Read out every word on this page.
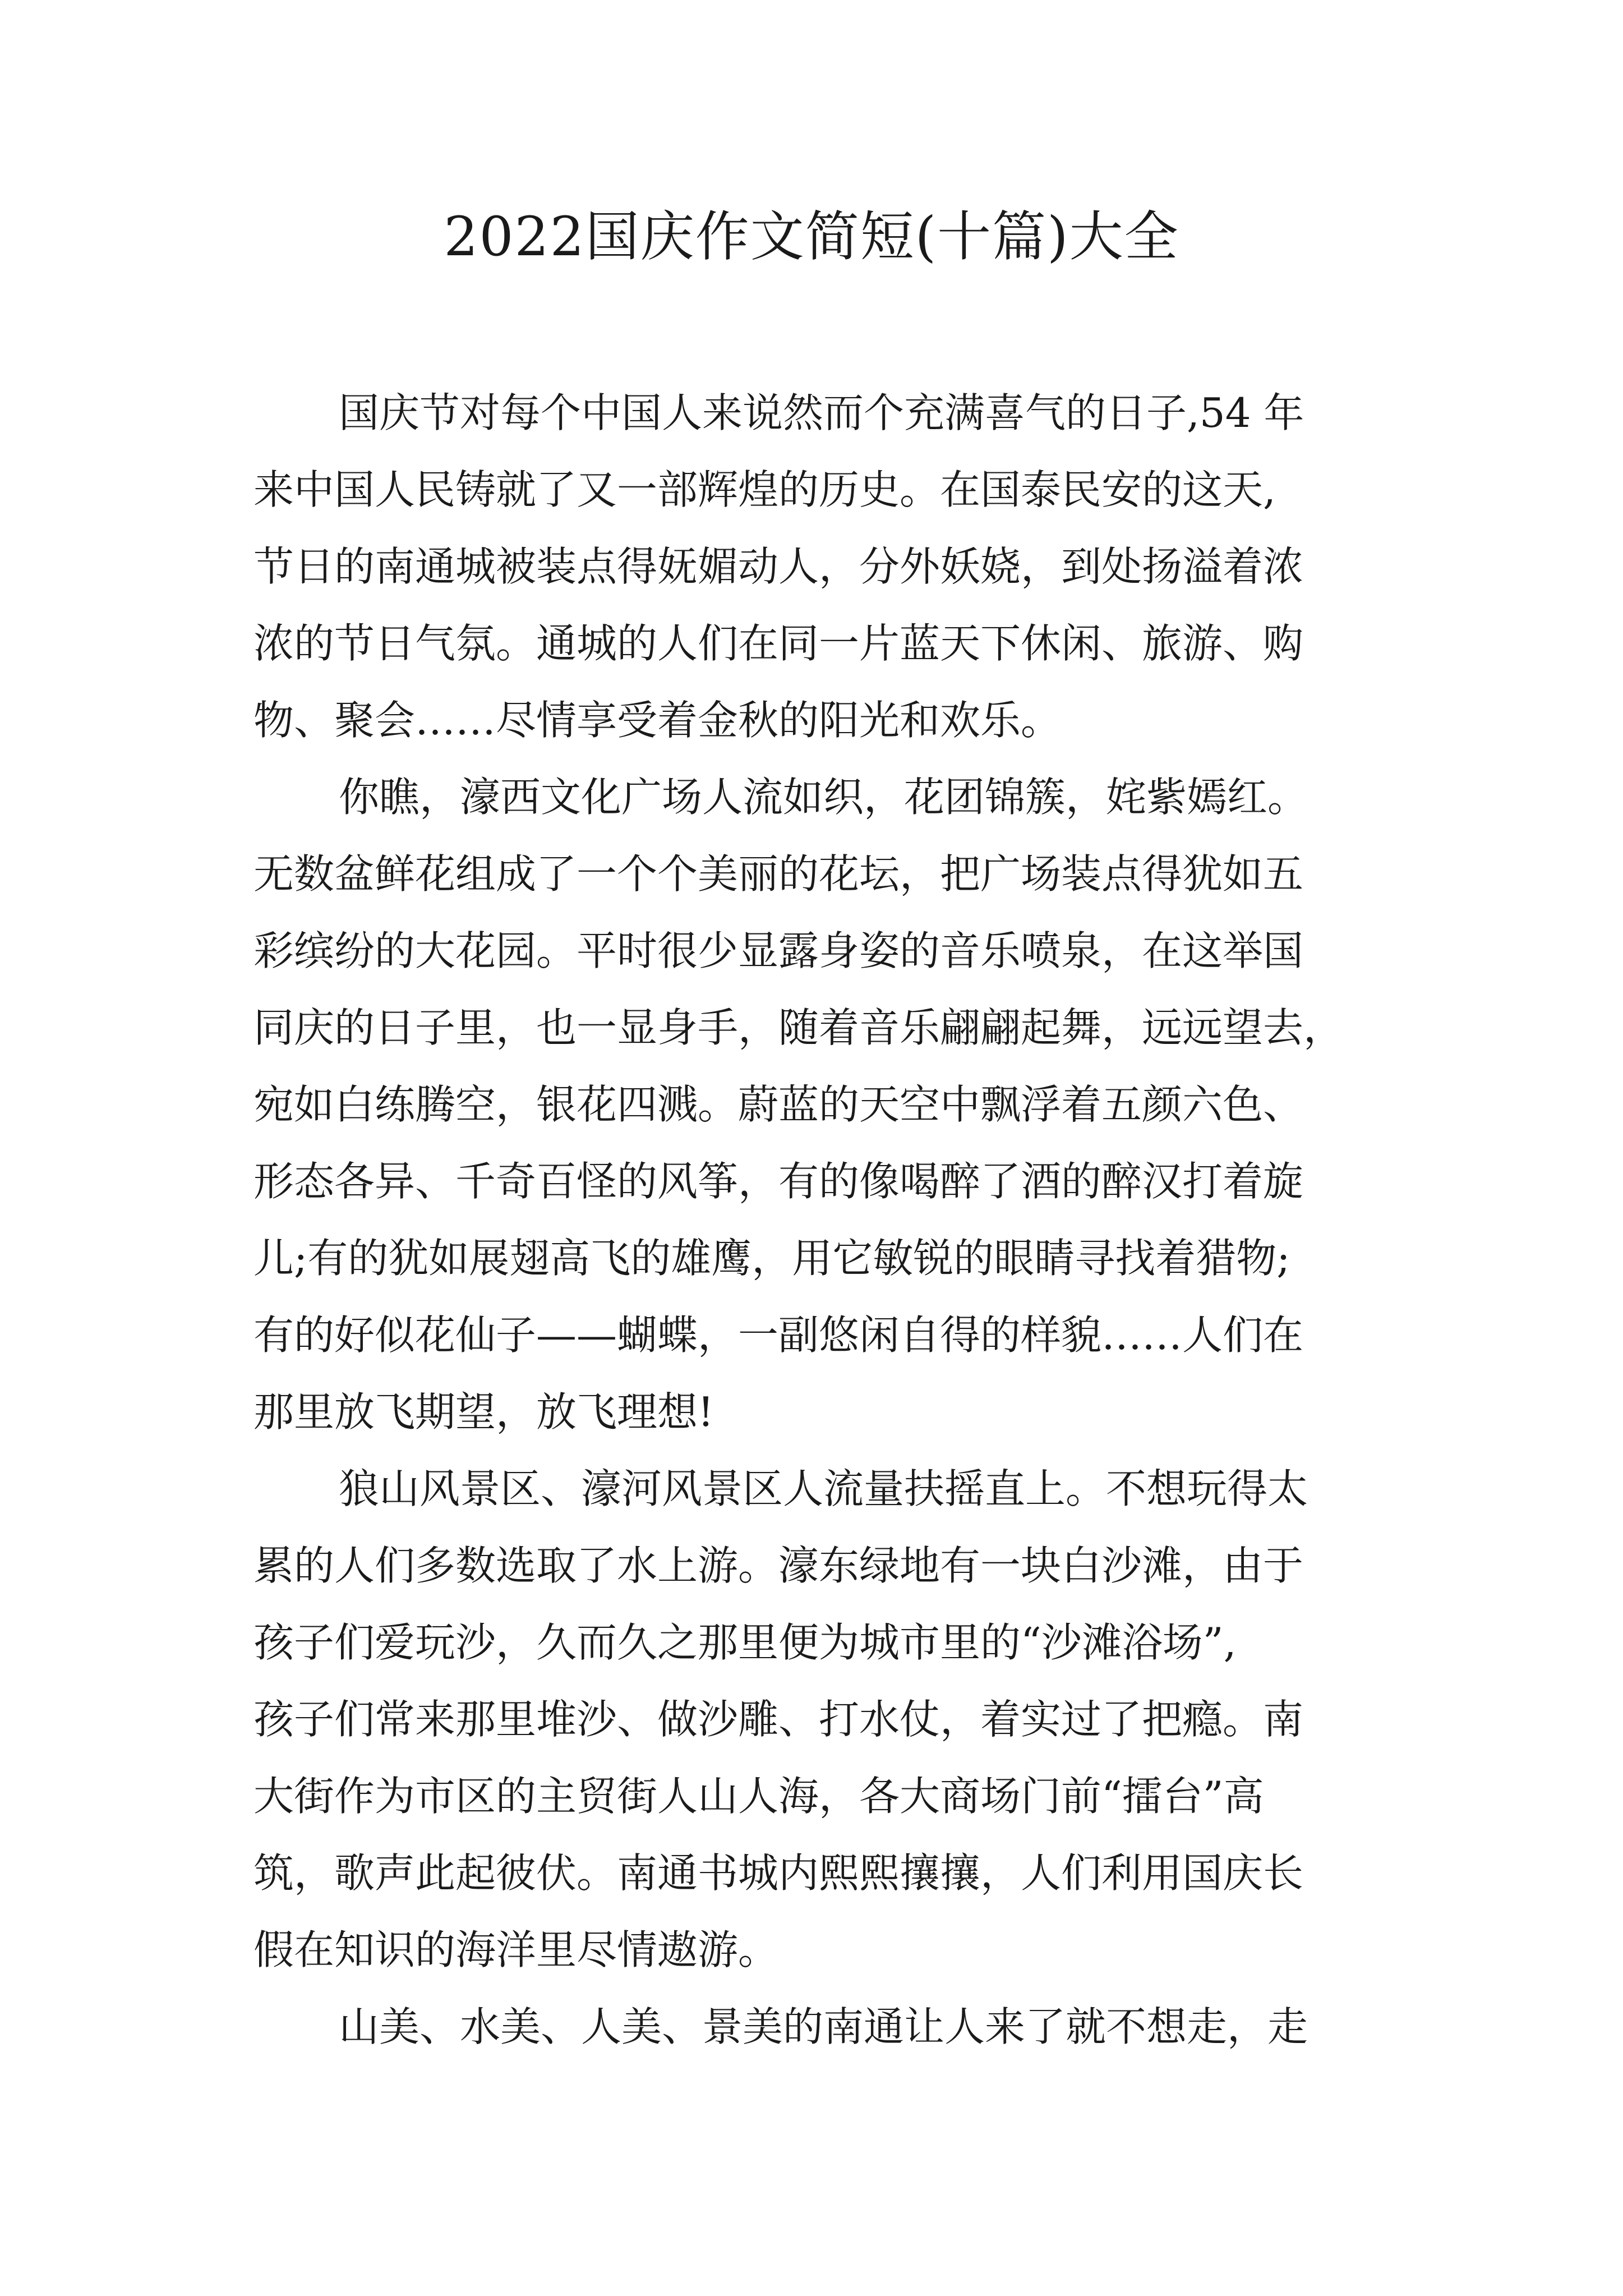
2022国庆作文简短(十篇)大全
国庆节对每个中国人来说然而个充满喜气的日子,54 年
来中国人民铸就了又一部辉煌的历史。在国泰民安的这天,
节日的南通城被装点得妩媚动人，分外妖娆，到处扬溢着浓
浓的节日气氛。通城的人们在同一片蓝天下休闲、旅游、购
物、聚会……尽情享受着金秋的阳光和欢乐。
你瞧，濠西文化广场人流如织，花团锦簇，姹紫嫣红。
无数盆鲜花组成了一个个美丽的花坛，把广场装点得犹如五
彩缤纷的大花园。平时很少显露身姿的音乐喷泉，在这举国
同庆的日子里，也一显身手，随着音乐翩翩起舞，远远望去，
宛如白练腾空，银花四溅。蔚蓝的天空中飘浮着五颜六色、
形态各异、千奇百怪的风筝，有的像喝醉了酒的醉汉打着旋
儿;有的犹如展翅高飞的雄鹰，用它敏锐的眼睛寻找着猎物;
有的好似花仙子——蝴蝶，一副悠闲自得的样貌……人们在
那里放飞期望，放飞理想!
狼山风景区、濠河风景区人流量扶摇直上。不想玩得太
累的人们多数选取了水上游。濠东绿地有一块白沙滩，由于
孩子们爱玩沙，久而久之那里便为城市里的“沙滩浴场”,
孩子们常来那里堆沙、做沙雕、打水仗，着实过了把瘾。南
大街作为市区的主贸街人山人海，各大商场门前“擂台”高
筑，歌声此起彼伏。南通书城内熙熙攘攘，人们利用国庆长
假在知识的海洋里尽情遨游。
山美、水美、人美、景美的南通让人来了就不想走，走
